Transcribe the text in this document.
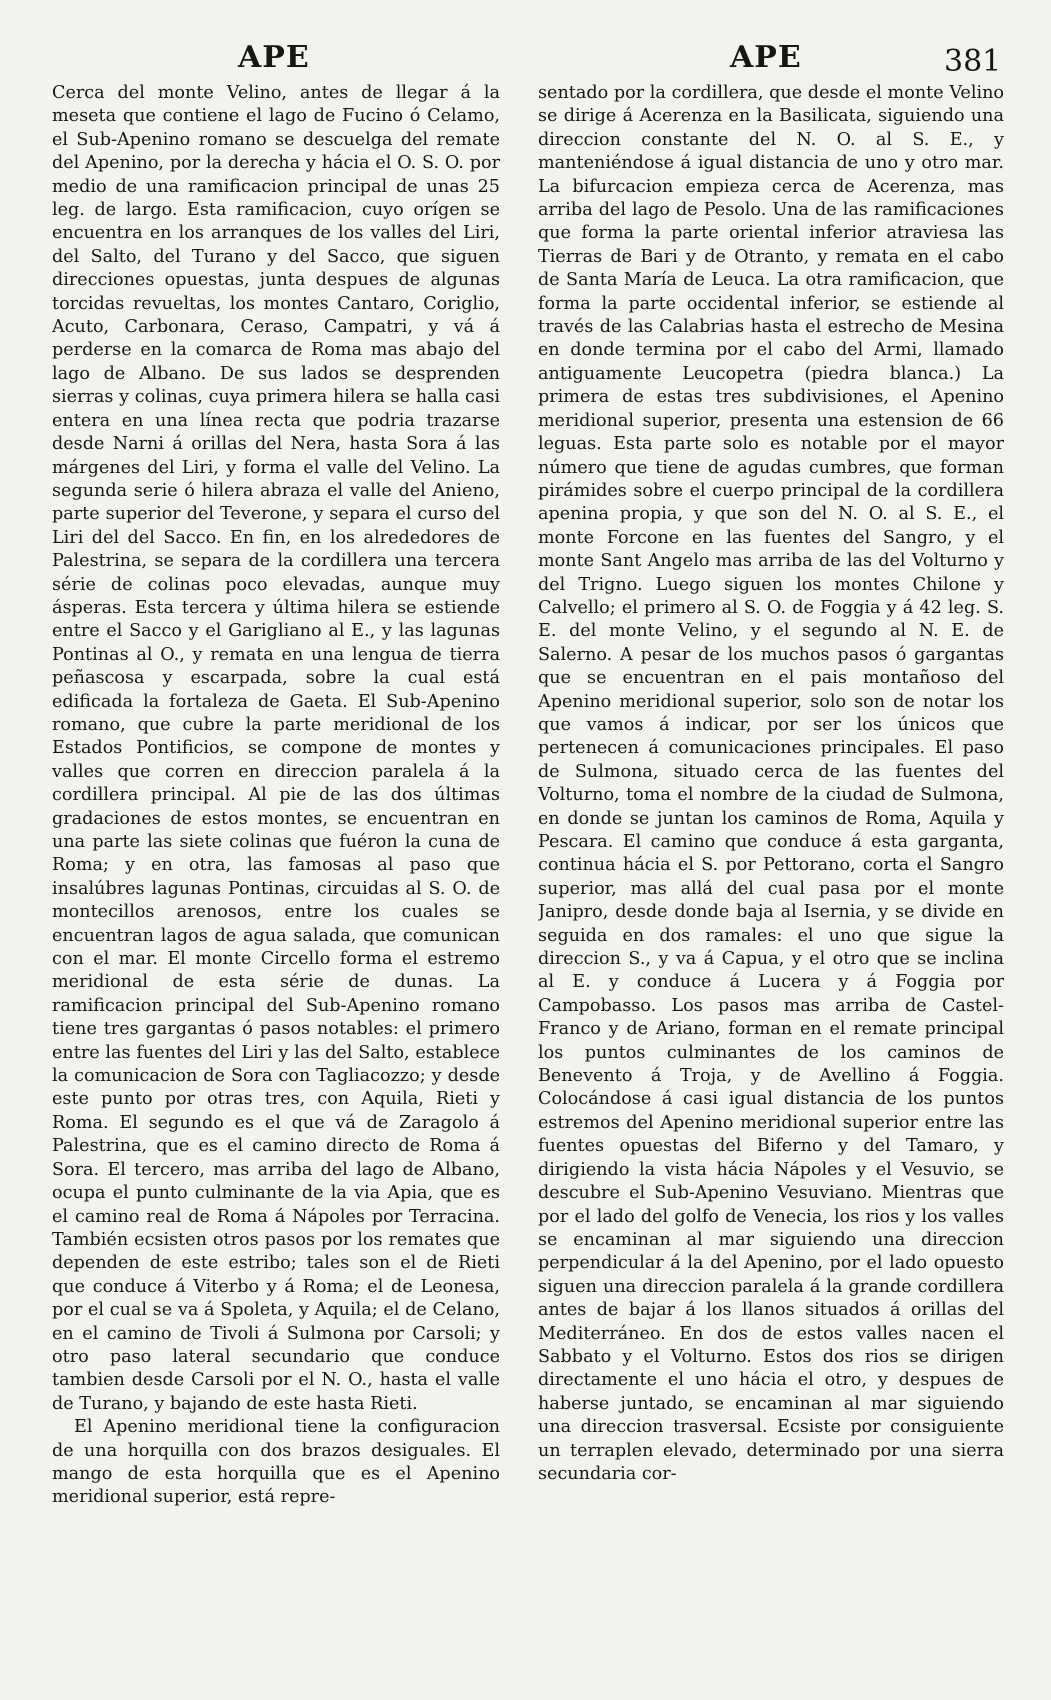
APE	APE	381

Cerca del monte Velino, antes de llegar á la meseta que contiene el lago de Fucino ó Celamo, el Sub-Apenino romano se descuelga del remate del Apenino, por la derecha y hácia el O. S. O. por medio de una ramificacion principal de unas 25 leg. de largo. Esta ramificacion, cuyo orígen se encuentra en los arranques de los valles del Liri, del Salto, del Turano y del Sacco, que siguen direcciones opuestas, junta despues de algunas torcidas revueltas, los montes Cantaro, Coriglio, Acuto, Carbonara, Ceraso, Campatri, y vá á perderse en la comarca de Roma mas abajo del lago de Albano. De sus lados se desprenden sierras y colinas, cuya primera hilera se halla casi entera en una línea recta que podria trazarse desde Narni á orillas del Nera, hasta Sora á las márgenes del Liri, y forma el valle del Velino. La segunda serie ó hilera abraza el valle del Anieno, parte superior del Teverone, y separa el curso del Liri del del Sacco. En fin, en los alrededores de Palestrina, se separa de la cordillera una tercera série de colinas poco elevadas, aunque muy ásperas. Esta tercera y última hilera se estiende entre el Sacco y el Garigliano al E., y las lagunas Pontinas al O., y remata en una lengua de tierra peñascosa y escarpada, sobre la cual está edificada la fortaleza de Gaeta. El Sub-Apenino romano, que cubre la parte meridional de los Estados Pontificios, se compone de montes y valles que corren en direccion paralela á la cordillera principal. Al pie de las dos últimas gradaciones de estos montes, se encuentran en una parte las siete colinas que fuéron la cuna de Roma; y en otra, las famosas al paso que insalúbres lagunas Pontinas, circuidas al S. O. de montecillos arenosos, entre los cuales se encuentran lagos de agua salada, que comunican con el mar. El monte Circello forma el estremo meridional de esta série de dunas. La ramificacion principal del Sub-Apenino romano tiene tres gargantas ó pasos notables: el primero entre las fuentes del Liri y las del Salto, establece la comunicacion de Sora con Tagliacozzo; y desde este punto por otras tres, con Aquila, Rieti y Roma. El segundo es el que vá de Zaragolo á Palestrina, que es el camino directo de Roma á Sora. El tercero, mas arriba del lago de Albano, ocupa el punto culminante de la via Apia, que es el camino real de Roma á Nápoles por Terracina. También ecsisten otros pasos por los remates que dependen de este estribo; tales son el de Rieti que conduce á Viterbo y á Roma; el de Leonesa, por el cual se va á Spoleta, y Aquila; el de Celano, en el camino de Tivoli á Sulmona por Carsoli; y otro paso lateral secundario que conduce tambien desde Carsoli por el N. O., hasta el valle de Turano, y bajando de este hasta Rieti.

El Apenino meridional tiene la configuracion de una horquilla con dos brazos desiguales. El mango de esta horquilla que es el Apenino meridional superior, está repre-

sentado por la cordillera, que desde el monte Velino se dirige á Acerenza en la Basilicata, siguiendo una direccion constante del N. O. al S. E., y manteniéndose á igual distancia de uno y otro mar. La bifurcacion empieza cerca de Acerenza, mas arriba del lago de Pesolo. Una de las ramificaciones que forma la parte oriental inferior atraviesa las Tierras de Bari y de Otranto, y remata en el cabo de Santa María de Leuca. La otra ramificacion, que forma la parte occidental inferior, se estiende al través de las Calabrias hasta el estrecho de Mesina en donde termina por el cabo del Armi, llamado antiguamente Leucopetra (piedra blanca.) La primera de estas tres subdivisiones, el Apenino meridional superior, presenta una estension de 66 leguas. Esta parte solo es notable por el mayor número que tiene de agudas cumbres, que forman pirámides sobre el cuerpo principal de la cordillera apenina propia, y que son del N. O. al S. E., el monte Forcone en las fuentes del Sangro, y el monte Sant Angelo mas arriba de las del Volturno y del Trigno. Luego siguen los montes Chilone y Calvello; el primero al S. O. de Foggia y á 42 leg. S. E. del monte Velino, y el segundo al N. E. de Salerno. A pesar de los muchos pasos ó gargantas que se encuentran en el pais montañoso del Apenino meridional superior, solo son de notar los que vamos á indicar, por ser los únicos que pertenecen á comunicaciones principales. El paso de Sulmona, situado cerca de las fuentes del Volturno, toma el nombre de la ciudad de Sulmona, en donde se juntan los caminos de Roma, Aquila y Pescara. El camino que conduce á esta garganta, continua hácia el S. por Pettorano, corta el Sangro superior, mas allá del cual pasa por el monte Janipro, desde donde baja al Isernia, y se divide en seguida en dos ramales: el uno que sigue la direccion S., y va á Capua, y el otro que se inclina al E. y conduce á Lucera y á Foggia por Campobasso. Los pasos mas arriba de Castel-Franco y de Ariano, forman en el remate principal los puntos culminantes de los caminos de Benevento á Troja, y de Avellino á Foggia. Colocándose á casi igual distancia de los puntos estremos del Apenino meridional superior entre las fuentes opuestas del Biferno y del Tamaro, y dirigiendo la vista hácia Nápoles y el Vesuvio, se descubre el Sub-Apenino Vesuviano. Mientras que por el lado del golfo de Venecia, los rios y los valles se encaminan al mar siguiendo una direccion perpendicular á la del Apenino, por el lado opuesto siguen una direccion paralela á la grande cordillera antes de bajar á los llanos situados á orillas del Mediterráneo. En dos de estos valles nacen el Sabbato y el Volturno. Estos dos rios se dirigen directamente el uno hácia el otro, y despues de haberse juntado, se encaminan al mar siguiendo una direccion trasversal. Ecsiste por consiguiente un terraplen elevado, determinado por una sierra secundaria cor-
